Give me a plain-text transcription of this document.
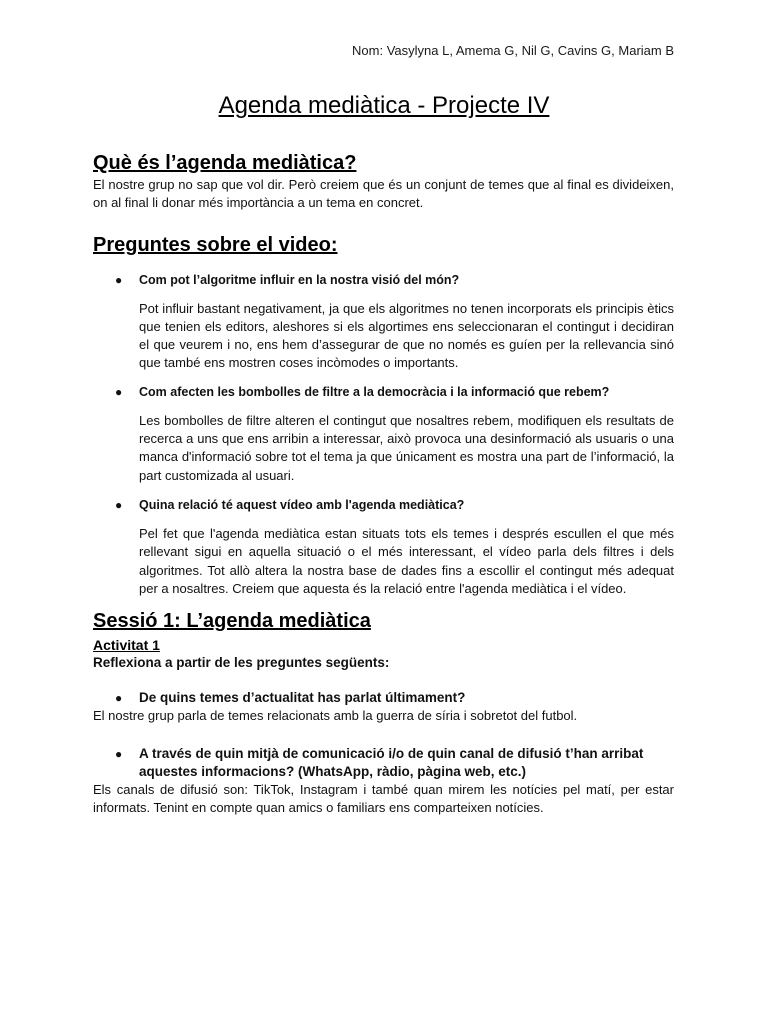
Nom: Vasylyna L, Amema G, Nil G, Cavins G, Mariam B
Agenda mediàtica - Projecte IV
Què és l’agenda mediàtica?

El nostre grup no sap que vol dir. Però creiem que és un conjunt de temes que al final es divideixen, on al final li donar més importància a un tema en concret.

Preguntes sobre el video:
● Com pot l’algoritme influir en la nostra visió del món?

Pot influir bastant negativament, ja que els algoritmes no tenen incorporats els principis ètics que tenien els editors, aleshores si els algortimes ens seleccionaran el contingut i decidiran el que veurem i no, ens hem d’assegurar de que no només es guíen per la rellevancia sinó que també ens mostren coses incòmodes o importants.

● Com afecten les bombolles de filtre a la democràcia i la informació que rebem?

Les bombolles de filtre alteren el contingut que nosaltres rebem, modifiquen els resultats de recerca a uns que ens arribin a interessar, això provoca una desinformació als usuaris o una manca d'informació sobre tot el tema ja que únicament es mostra una part de l’informació, la part customizada al usuari.

● Quina relació té aquest vídeo amb l'agenda mediàtica?

Pel fet que l'agenda mediàtica estan situats tots els temes i després escullen el que més rellevant sigui en aquella situació o el més interessant, el vídeo parla dels filtres i dels algoritmes. Tot allò altera la nostra base de dades fins a escollir el contingut més adequat per a nosaltres. Creiem que aquesta és la relació entre l'agenda mediàtica i el vídeo.

Sessió 1: L’agenda mediàtica
Activitat 1

Reflexiona a partir de les preguntes següents:

● De quins temes d’actualitat has parlat últimament?

El nostre grup parla de temes relacionats amb la guerra de síria i sobretot del futbol.

● A través de quin mitjà de comunicació i/o de quin canal de difusió t’han arribat aquestes informacions? (WhatsApp, ràdio, pàgina web, etc.)

Els canals de difusió son: TikTok, Instagram i també quan mirem les notícies pel matí, per estar informats. Tenint en compte quan amics o familiars ens comparteixen notícies.
